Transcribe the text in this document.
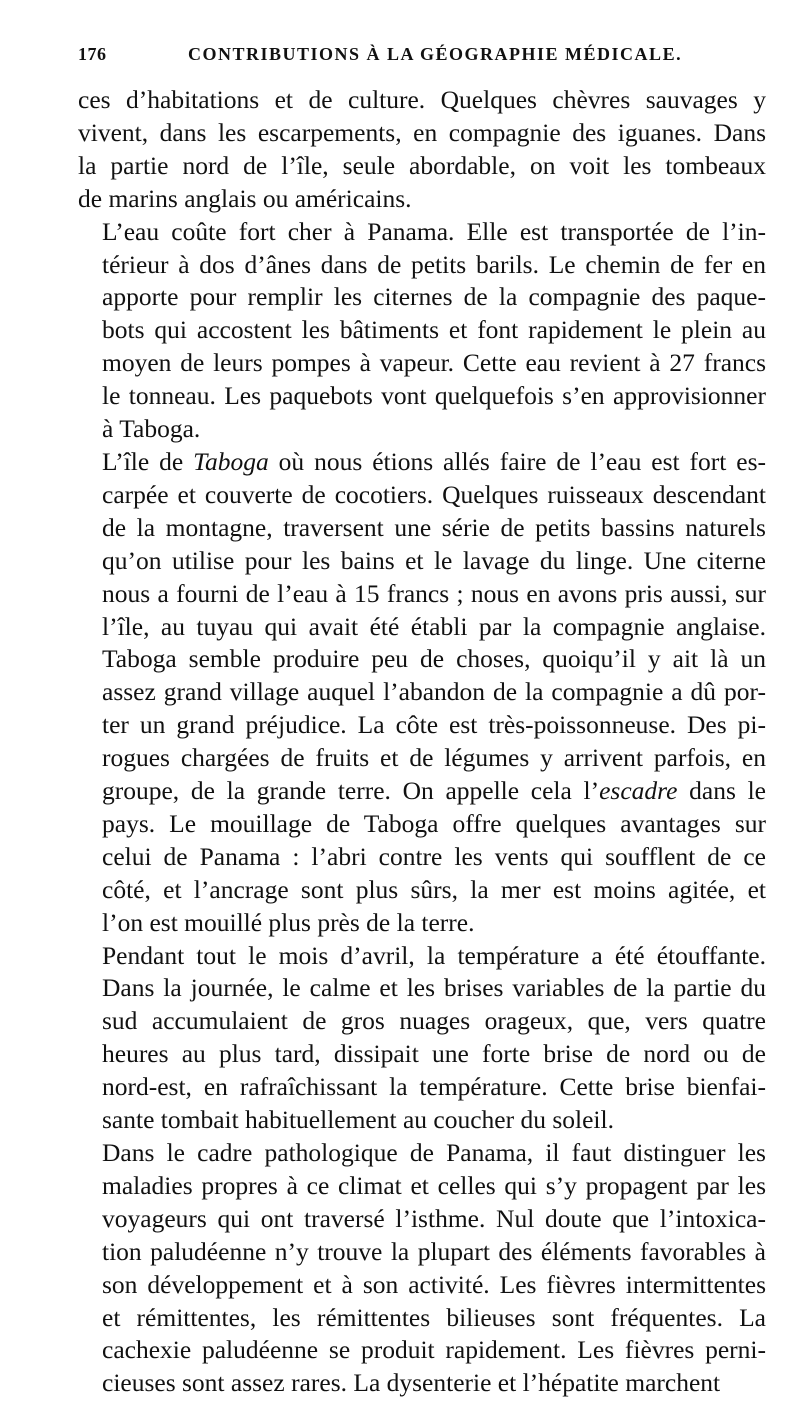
176	CONTRIBUTIONS À LA GÉOGRAPHIE MÉDICALE.

ces d’habitations et de culture. Quelques chèvres sauvages y
vivent, dans les escarpements, en compagnie des iguanes. Dans
la partie nord de l’île, seule abordable, on voit les tombeaux
de marins anglais ou américains.

L’eau coûte fort cher à Panama. Elle est transportée de l’in-
térieur à dos d’ânes dans de petits barils. Le chemin de fer en
apporte pour remplir les citernes de la compagnie des paque-
bots qui accostent les bâtiments et font rapidement le plein au
moyen de leurs pompes à vapeur. Cette eau revient à 27 francs
le tonneau. Les paquebots vont quelquefois s’en approvisionner
à Taboga.

L’île de Taboga où nous étions allés faire de l’eau est fort es-
carpée et couverte de cocotiers. Quelques ruisseaux descendant
de la montagne, traversent une série de petits bassins naturels
qu’on utilise pour les bains et le lavage du linge. Une citerne
nous a fourni de l’eau à 15 francs ; nous en avons pris aussi, sur
l’île, au tuyau qui avait été établi par la compagnie anglaise.
Taboga semble produire peu de choses, quoiqu’il y ait là un
assez grand village auquel l’abandon de la compagnie a dû por-
ter un grand préjudice. La côte est très-poissonneuse. Des pi-
rogues chargées de fruits et de légumes y arrivent parfois, en
groupe, de la grande terre. On appelle cela l’escadre dans le
pays. Le mouillage de Taboga offre quelques avantages sur
celui de Panama : l’abri contre les vents qui soufflent de ce
côté, et l’ancrage sont plus sûrs, la mer est moins agitée, et
l’on est mouillé plus près de la terre.

Pendant tout le mois d’avril, la température a été étouffante.
Dans la journée, le calme et les brises variables de la partie du
sud accumulaient de gros nuages orageux, que, vers quatre
heures au plus tard, dissipait une forte brise de nord ou de
nord-est, en rafraîchissant la température. Cette brise bienfai-
sante tombait habituellement au coucher du soleil.

Dans le cadre pathologique de Panama, il faut distinguer les
maladies propres à ce climat et celles qui s’y propagent par les
voyageurs qui ont traversé l’isthme. Nul doute que l’intoxica-
tion paludéenne n’y trouve la plupart des éléments favorables à
son développement et à son activité. Les fièvres intermittentes
et rémittentes, les rémittentes bilieuses sont fréquentes. La
cachexie paludéenne se produit rapidement. Les fièvres perni-
cieuses sont assez rares. La dysenterie et l’hépatite marchent
